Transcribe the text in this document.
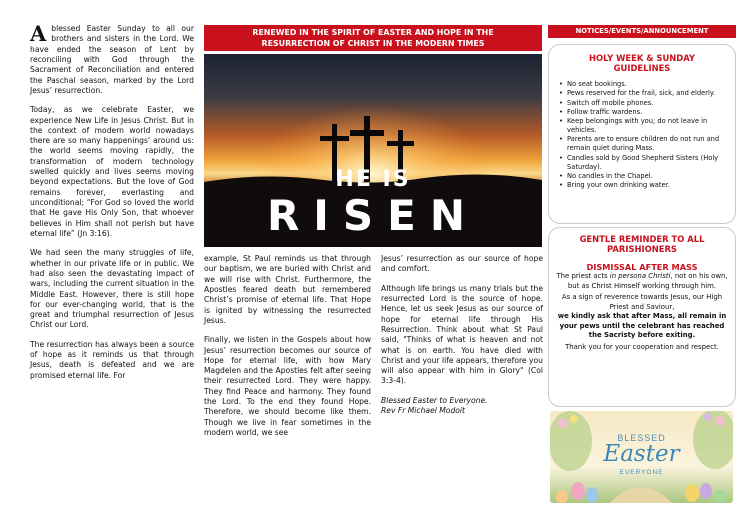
Ablessed Easter Sunday to all our brothers and sisters in the Lord. We have ended the season of Lent by reconciling with God through the Sacrament of Reconciliation and entered the Paschal season, marked by the Lord Jesus’ resurrection.

Today, as we celebrate Easter, we experience New Life in Jesus Christ. But in the context of modern world nowadays there are so many happenings’ around us: the world seems moving rapidly, the transformation of modern technology swelled quickly and lives seems moving beyond expectations. But the love of God remains forever, everlasting and unconditional; “For God so loved the world that He gave His Only Son, that whoever believes in Him shall not perish but have eternal life” (Jn 3:16).

We had seen the many struggles of life, whether in our private life or in public. We had also seen the devastating impact of wars, including the current situation in the Middle East. However, there is still hope for our ever-changing world, that is the great and triumphal resurrection of Jesus Christ our Lord.

The resurrection has always been a source of hope as it reminds us that through Jesus, death is defeated and we are promised eternal life. For

RENEWED IN THE SPIRIT OF EASTER AND HOPE IN THE
RESURRECTION OF CHRIST IN THE MODERN TIMES
HE IS
RISEN

example, St Paul reminds us that through our baptism, we are buried with Christ and we will rise with Christ. Furthermore, the Apostles feared death but remembered Christ’s promise of eternal life. That Hope is ignited by witnessing the resurrected Jesus.

Finally, we listen in the Gospels about how Jesus’ resurrection becomes our source of Hope for eternal life, with how Mary Magdelen and the Apostles felt after seeing their resurrected Lord. They were happy. They find Peace and harmony. They found the Lord. To the end they found Hope. Therefore, we should become like them. Though we live in fear sometimes in the modern world, we see

Jesus’ resurrection as our source of hope and comfort.

Although life brings us many trials but the resurrected Lord is the source of hope. Hence, let us seek Jesus as our source of hope for eternal life through His Resurrection. Think about what St Paul said, "Thinks of what is heaven and not what is on earth. You have died with Christ and your life appears, therefore you will also appear with him in Glory" (Col 3:3-4).

Blessed Easter to Everyone.
Rev Fr Michael Modoit

NOTICES/EVENTS/ANNOUNCEMENT
HOLY WEEK & SUNDAY
GUIDELINES
• No seat bookings.
• Pews reserved for the frail, sick, and elderly.
• Switch off mobile phones.
• Follow traffic wardens.
• Keep belongings with you; do not leave in vehicles.
• Parents are to ensure children do not run and remain quiet during Mass.
• Candles sold by Good Shepherd Sisters (Holy Saturday).
• No candles in the Chapel.
• Bring your own drinking water.
GENTLE REMINDER TO ALL
PARISHIONERS
DISMISSAL AFTER MASS

The priest acts in persona Christi, not on his own, but as Christ Himself working through him.

As a sign of reverence towards Jesus, our High Priest and Saviour,

we kindly ask that after Mass, all remain in your pews until the celebrant has reached the Sacristy before exiting.

Thank you for your cooperation and respect.

BLESSED
Easter
EVERYONE
